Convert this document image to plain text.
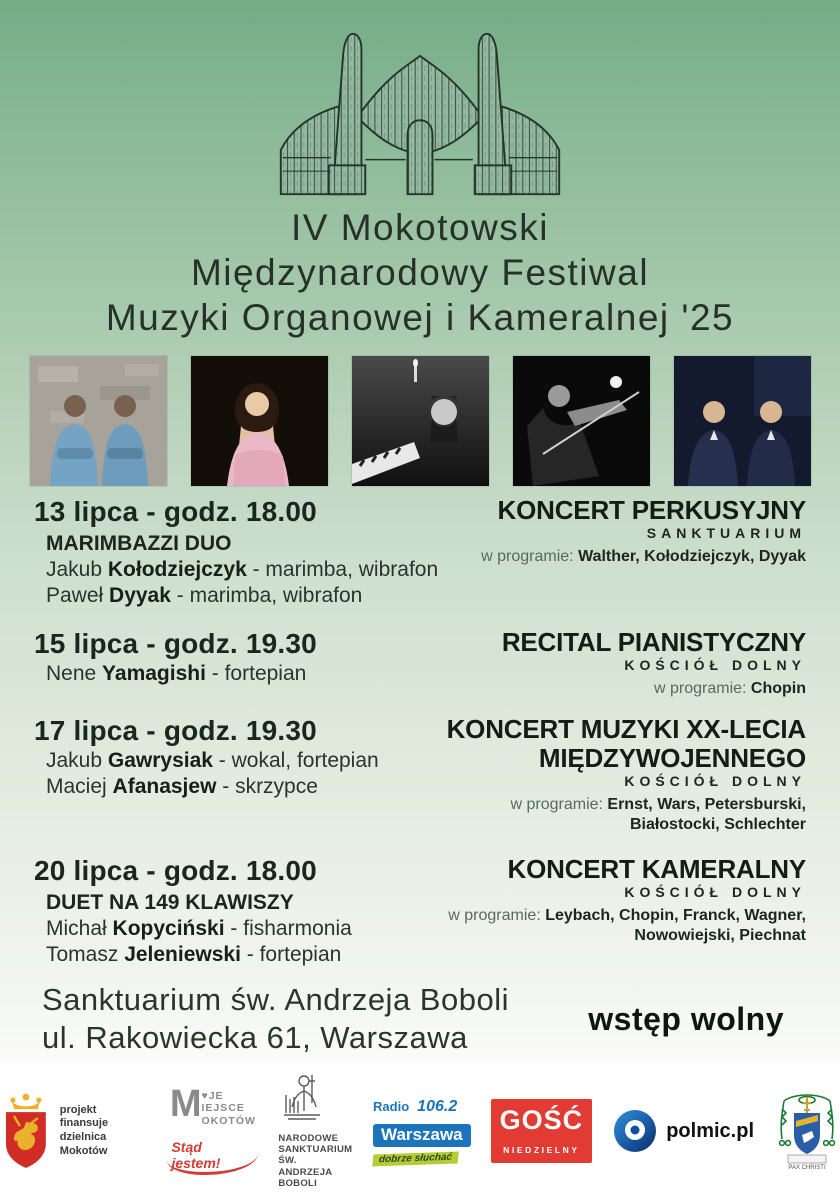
IV Mokotowski
Międzynarodowy Festiwal
Muzyki Organowej i Kameralnej '25
13 lipca - godz. 18.00
MARIMBAZZI DUO
Jakub Kołodziejczyk - marimba, wibrafon
Paweł Dyyak - marimba, wibrafon
KONCERT PERKUSYJNY
SANKTUARIUM
w programie: Walther, Kołodziejczyk, Dyyak
15 lipca - godz. 19.30
Nene Yamagishi - fortepian
RECITAL PIANISTYCZNY
KOŚCIÓŁ DOLNY
w programie: Chopin
17 lipca - godz. 19.30
Jakub Gawrysiak - wokal, fortepian
Maciej Afanasjew - skrzypce
KONCERT MUZYKI XX-LECIA MIĘDZYWOJENNEGO
KOŚCIÓŁ DOLNY
w programie: Ernst, Wars, Petersburski, Białostocki, Schlechter
20 lipca - godz. 18.00
DUET NA 149 KLAWISZY
Michał Kopyciński - fisharmonia
Tomasz Jeleniewski - fortepian
KONCERT KAMERALNY
KOŚCIÓŁ DOLNY
w programie: Leybach, Chopin, Franck, Wagner, Nowowiejski, Piechnat
Sanktuarium św. Andrzeja Boboli
ul. Rakowiecka 61, Warszawa
wstęp wolny
projekt finansuje
dzielnica
Mokotów
M ♥JE
IEJSCE
OKOTÓW
Stąd jestem!
NARODOWE
SANKTUARIUM
ŚW. ANDRZEJA
BOBOLI
Radio 106.2
Warszawa
dobrze słuchać
GOŚĆ
NIEDZIELNY
polmic.pl
PAX CHRISTI
